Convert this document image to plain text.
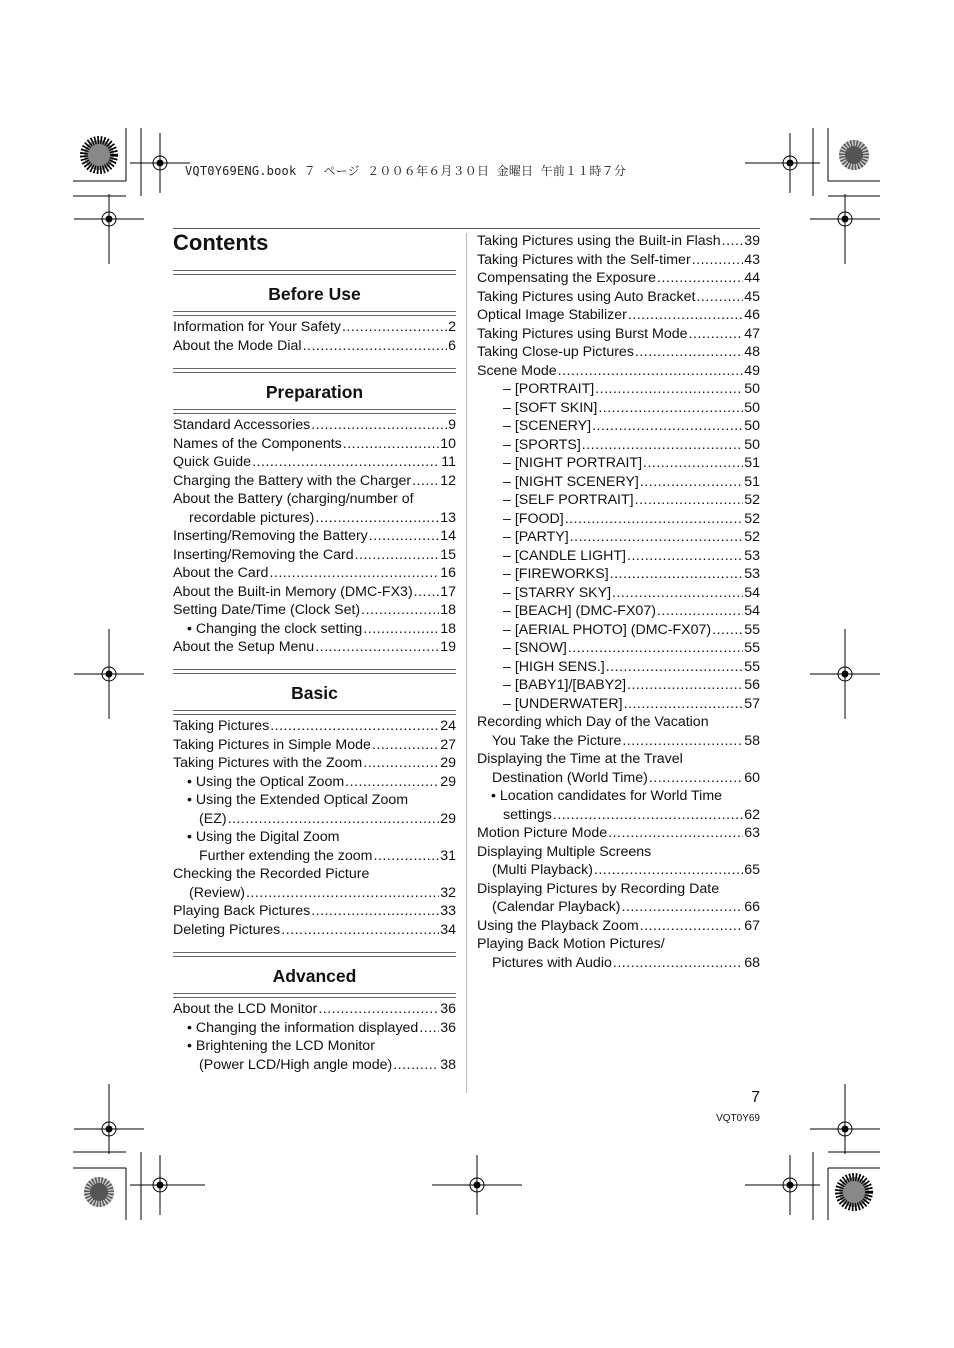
VQT0Y69ENG.book ７ ページ ２００６年６月３０日 金曜日 午前１１時７分
Contents
Before Use
Information for Your Safety .....	2
About the Mode Dial .....	6
Preparation
Standard Accessories .....	9
Names of the Components .....	10
Quick Guide .....	11
Charging the Battery with the Charger ..... 12
About the Battery (charging/number of
recordable pictures) .....	13
Inserting/Removing the Battery .....	14
Inserting/Removing the Card .....	15
About the Card .....	16
About the Built-in Memory (DMC-FX3) ..... 17
Setting Date/Time (Clock Set) .....	18
• Changing the clock setting .....	18
About the Setup Menu .....	19
Basic
Taking Pictures .....	24
Taking Pictures in Simple Mode .....	27
Taking Pictures with the Zoom .....	29
• Using the Optical Zoom .....	29
• Using the Extended Optical Zoom
(EZ) .....	29
• Using the Digital Zoom
Further extending the zoom .....	31
Checking the Recorded Picture
(Review) .....	32
Playing Back Pictures .....	33
Deleting Pictures .....	34
Advanced
About the LCD Monitor .....	36
• Changing the information displayed ..... 36
• Brightening the LCD Monitor
(Power LCD/High angle mode) .....	38
Taking Pictures using the Built-in Flash ..... 39
Taking Pictures with the Self-timer .....	43
Compensating the Exposure .....	44
Taking Pictures using Auto Bracket .....	45
Optical Image Stabilizer .....	46
Taking Pictures using Burst Mode .....	47
Taking Close-up Pictures .....	48
Scene Mode .....	49
– [PORTRAIT] .....	50
– [SOFT SKIN] .....	50
– [SCENERY] .....	50
– [SPORTS] .....	50
– [NIGHT PORTRAIT] .....	51
– [NIGHT SCENERY] .....	51
– [SELF PORTRAIT] .....	52
– [FOOD] .....	52
– [PARTY] .....	52
– [CANDLE LIGHT] .....	53
– [FIREWORKS] .....	53
– [STARRY SKY] .....	54
– [BEACH] (DMC-FX07) .....	54
– [AERIAL PHOTO] (DMC-FX07) ..... 55
– [SNOW] .....	55
– [HIGH SENS.] .....	55
– [BABY1]/[BABY2] .....	56
– [UNDERWATER] .....	57
Recording which Day of the Vacation
You Take the Picture .....	58
Displaying the Time at the Travel
Destination (World Time) .....	60
• Location candidates for World Time
settings .....	62
Motion Picture Mode .....	63
Displaying Multiple Screens
(Multi Playback) .....	65
Displaying Pictures by Recording Date
(Calendar Playback) .....	66
Using the Playback Zoom .....	67
Playing Back Motion Pictures/
Pictures with Audio .....	68
7
VQT0Y69
